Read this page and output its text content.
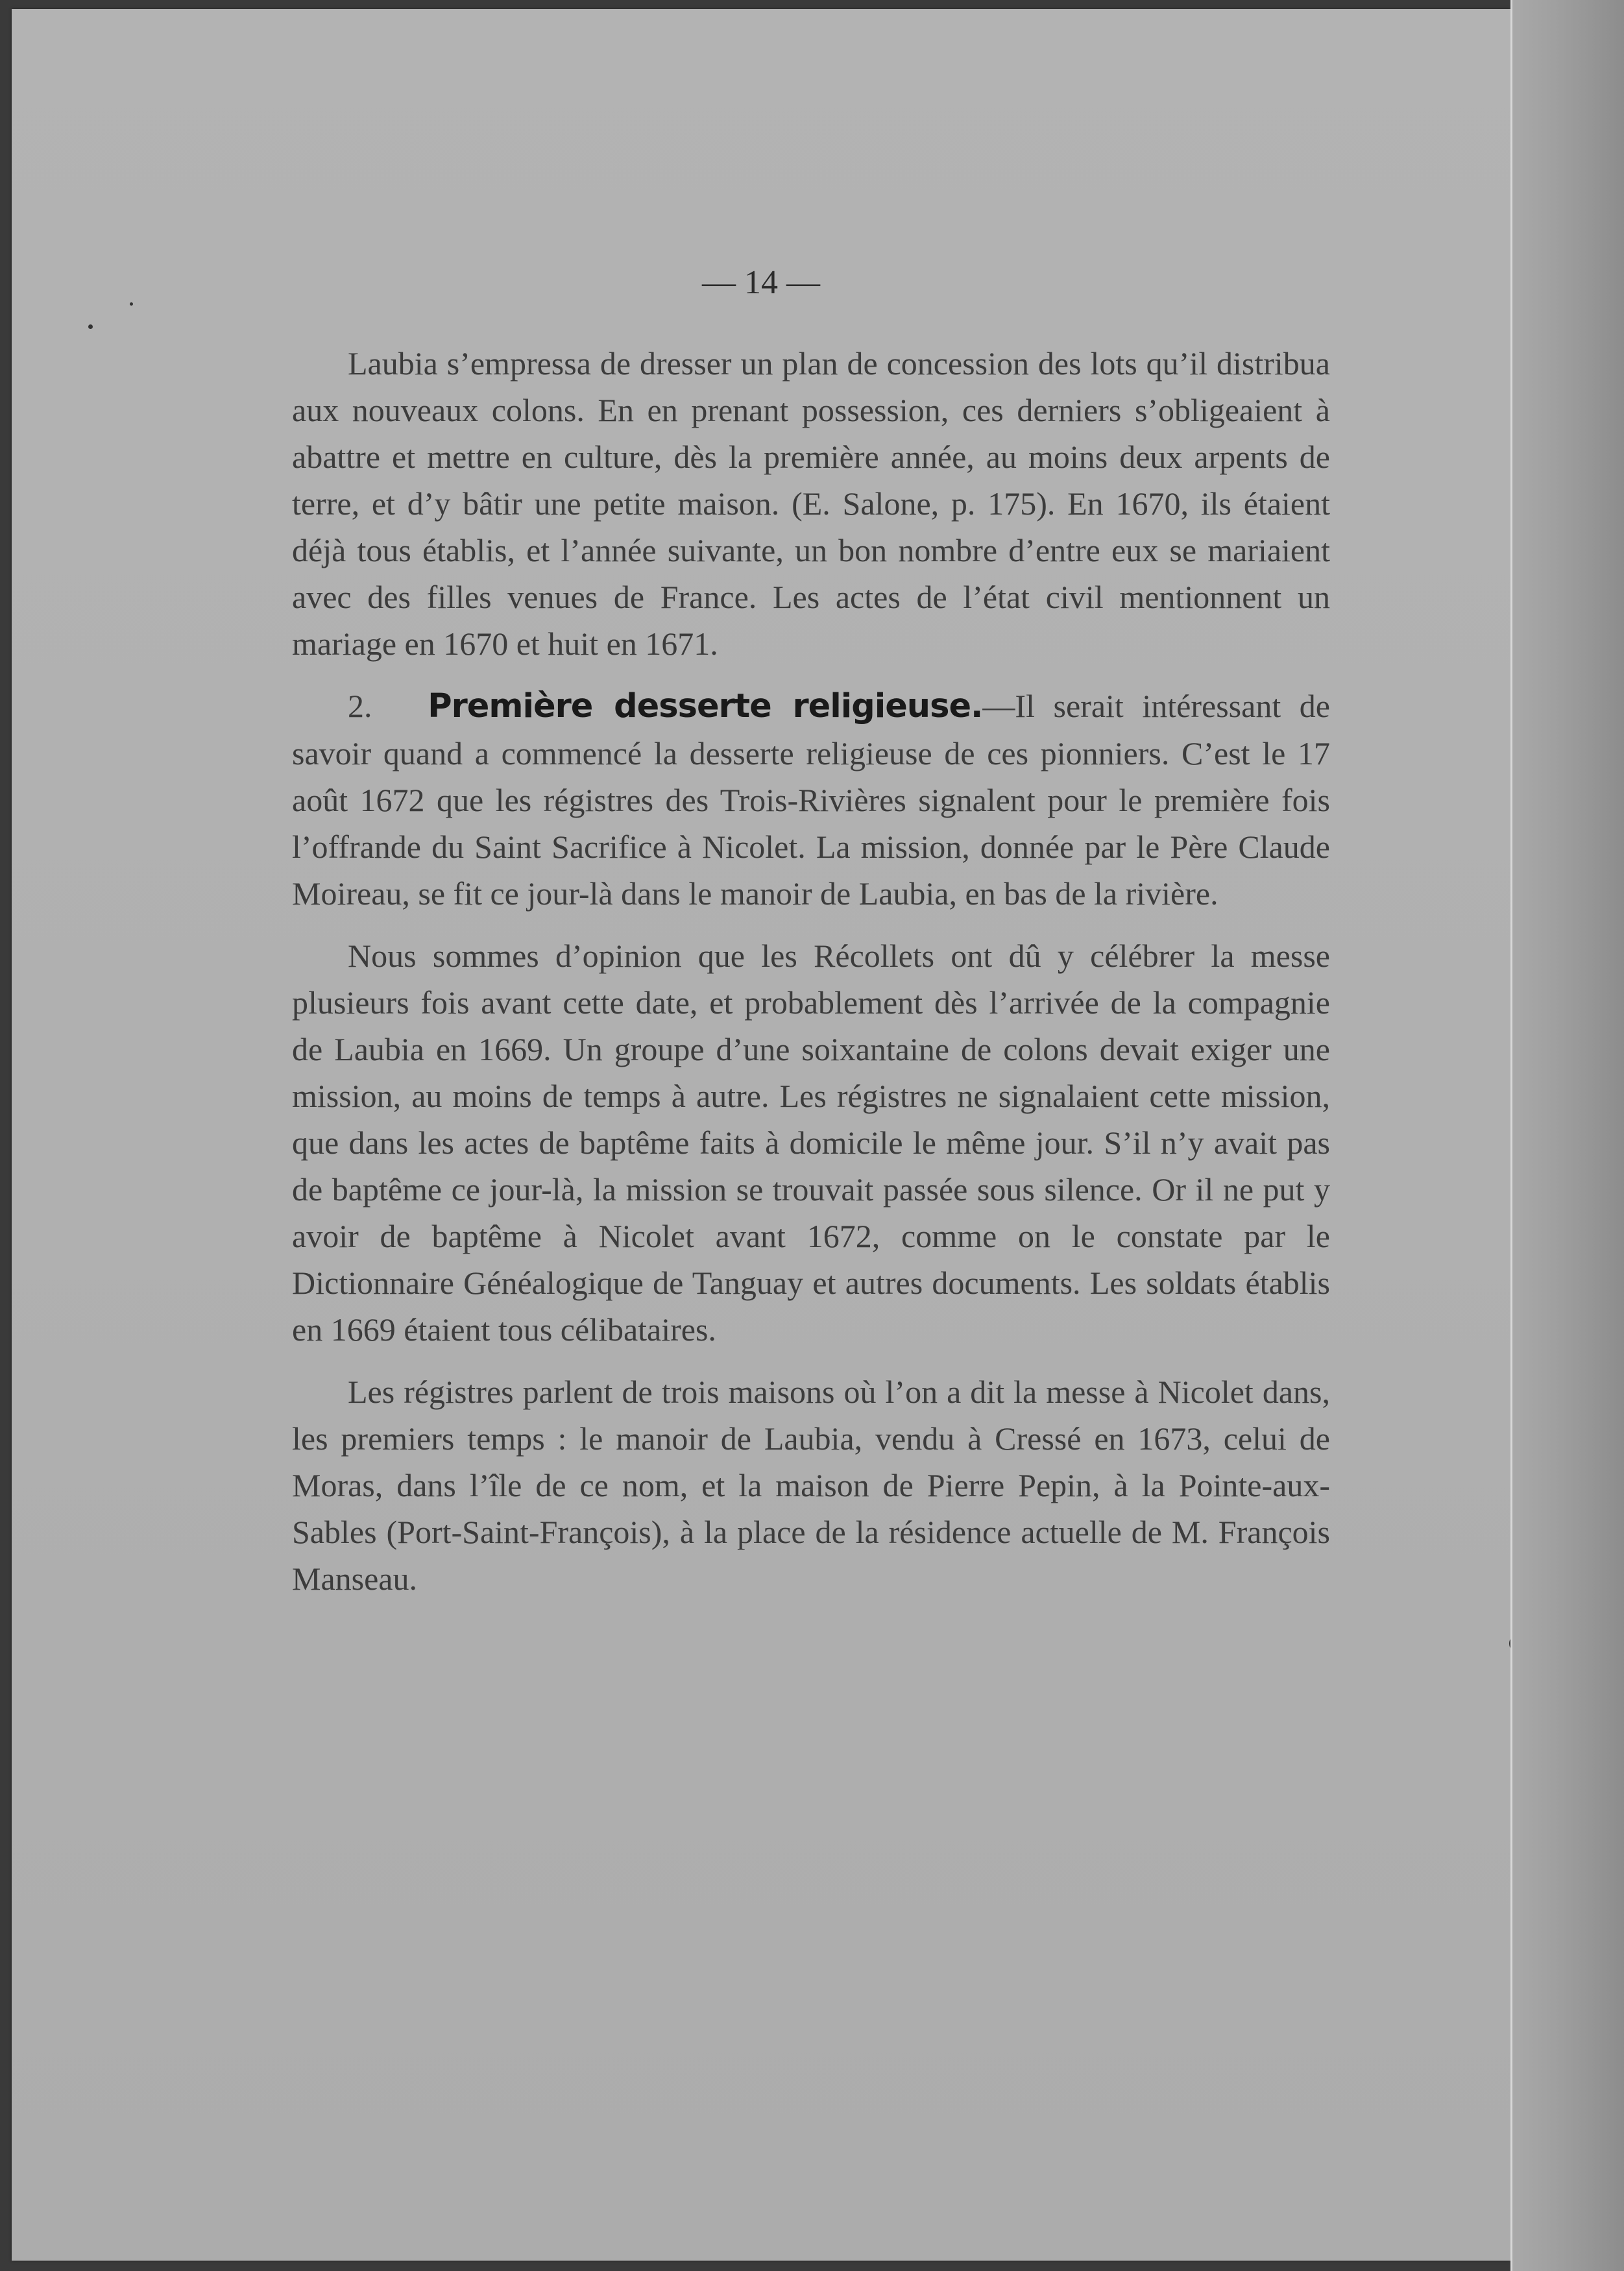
— 14 —

Laubia s’empressa de dresser un plan de concession des lots qu’il distribua aux nouveaux colons. En en prenant possession, ces derniers s’obligeaient à abattre et mettre en culture, dès la première année, au moins deux arpents de terre, et d’y bâtir une petite maison. (E. Salone, p. 175). En 1670, ils étaient déjà tous établis, et l’année suivante, un bon nombre d’entre eux se mariaient avec des filles venues de France. Les actes de l’état civil mentionnent un mariage en 1670 et huit en 1671.

2. Première desserte religieuse.—Il serait intéressant de savoir quand a commencé la desserte religieuse de ces pionniers. C’est le 17 août 1672 que les régistres des Trois-Rivières signalent pour le première fois l’offrande du Saint Sacrifice à Nicolet. La mission, donnée par le Père Claude Moireau, se fit ce jour-là dans le manoir de Laubia, en bas de la rivière.

Nous sommes d’opinion que les Récollets ont dû y célébrer la messe plusieurs fois avant cette date, et probablement dès l’arrivée de la compagnie de Laubia en 1669. Un groupe d’une soixantaine de colons devait exiger une mission, au moins de temps à autre. Les régistres ne signalaient cette mission, que dans les actes de baptême faits à domicile le même jour. S’il n’y avait pas de baptême ce jour-là, la mission se trouvait passée sous silence. Or il ne put y avoir de baptême à Nicolet avant 1672, comme on le constate par le Dictionnaire Généalogique de Tanguay et autres documents. Les soldats établis en 1669 étaient tous célibataires.

Les régistres parlent de trois maisons où l’on a dit la messe à Nicolet dans, les premiers temps : le manoir de Laubia, vendu à Cressé en 1673, celui de Moras, dans l’île de ce nom, et la maison de Pierre Pepin, à la Pointe-aux-Sables (Port-Saint-François), à la place de la résidence actuelle de M. François Manseau.
